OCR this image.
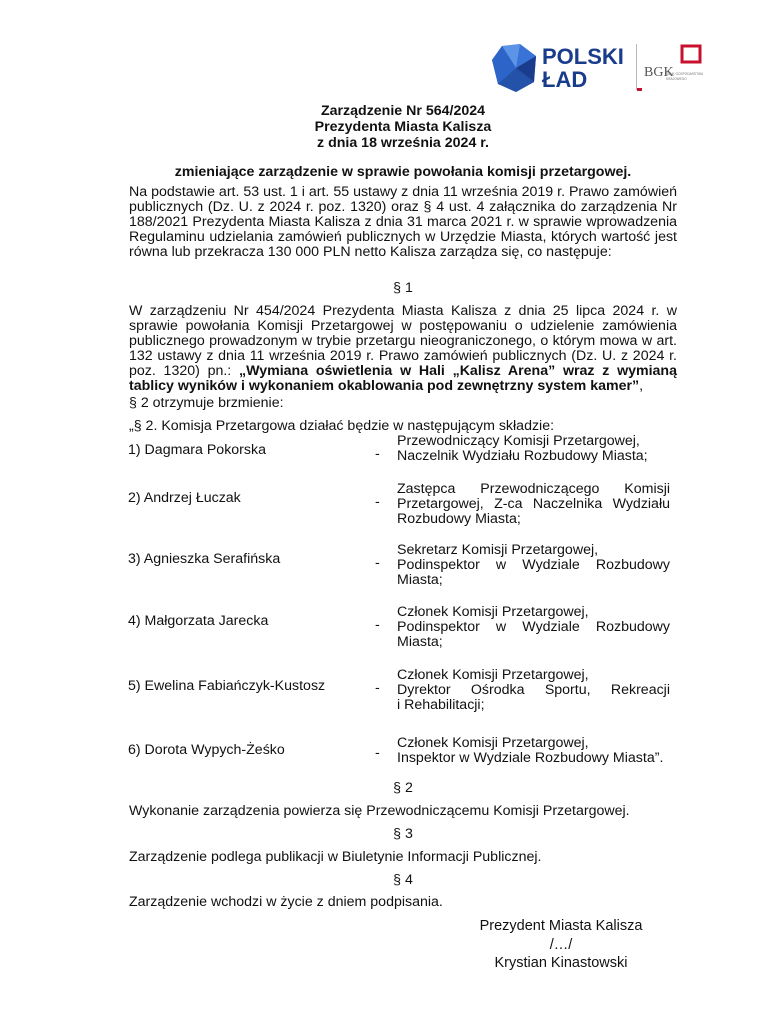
POLSKI
ŁAD	BGK
BANK GOSPODARSTWA
KRAJOWEGO
Zarządzenie Nr 564/2024
Prezydenta Miasta Kalisza
z dnia 18 września 2024 r.
zmieniające zarządzenie w sprawie powołania komisji przetargowej.
Na podstawie art. 53 ust. 1 i art. 55 ustawy z dnia 11 września 2019 r. Prawo zamówień publicznych (Dz. U. z 2024 r. poz. 1320) oraz § 4 ust. 4 załącznika do zarządzenia Nr 188/2021 Prezydenta Miasta Kalisza z dnia 31 marca 2021 r. w sprawie wprowadzenia Regulaminu udzielania zamówień publicznych w Urzędzie Miasta, których wartość jest równa lub przekracza 130 000 PLN netto Kalisza zarządza się, co następuje:
§ 1
W zarządzeniu Nr 454/2024 Prezydenta Miasta Kalisza z dnia 25 lipca 2024 r. w sprawie powołania Komisji Przetargowej w postępowaniu o udzielenie zamówienia publicznego prowadzonym w trybie przetargu nieograniczonego, o którym mowa w art. 132 ustawy z dnia 11 września 2019 r. Prawo zamówień publicznych (Dz. U. z 2024 r. poz. 1320) pn.: „Wymiana oświetlenia w Hali „Kalisz Arena” wraz z wymianą tablicy wyników i wykonaniem okablowania pod zewnętrzny system kamer”,
§ 2 otrzymuje brzmienie:
„§ 2. Komisja Przetargowa działać będzie w następującym składzie:
1) Dagmara Pokorska	-
Przewodniczący Komisji Przetargowej,
Naczelnik Wydziału Rozbudowy Miasta;
2) Andrzej Łuczak	-
Zastępca Przewodniczącego Komisji
Przetargowej, Z-ca Naczelnika Wydziału
Rozbudowy Miasta;
3) Agnieszka Serafińska	-
Sekretarz Komisji Przetargowej,
Podinspektor w Wydziale Rozbudowy
Miasta;
4) Małgorzata Jarecka	-
Członek Komisji Przetargowej,
Podinspektor w Wydziale Rozbudowy
Miasta;
5) Ewelina Fabiańczyk-Kustosz	-
Członek Komisji Przetargowej,
Dyrektor Ośrodka Sportu, Rekreacji
i Rehabilitacji;
6) Dorota Wypych-Żeśko	-
Członek Komisji Przetargowej,
Inspektor w Wydziale Rozbudowy Miasta”.
§ 2
Wykonanie zarządzenia powierza się Przewodniczącemu Komisji Przetargowej.
§ 3
Zarządzenie podlega publikacji w Biuletynie Informacji Publicznej.
§ 4
Zarządzenie wchodzi w życie z dniem podpisania.
Prezydent Miasta Kalisza
/…/
Krystian Kinastowski
